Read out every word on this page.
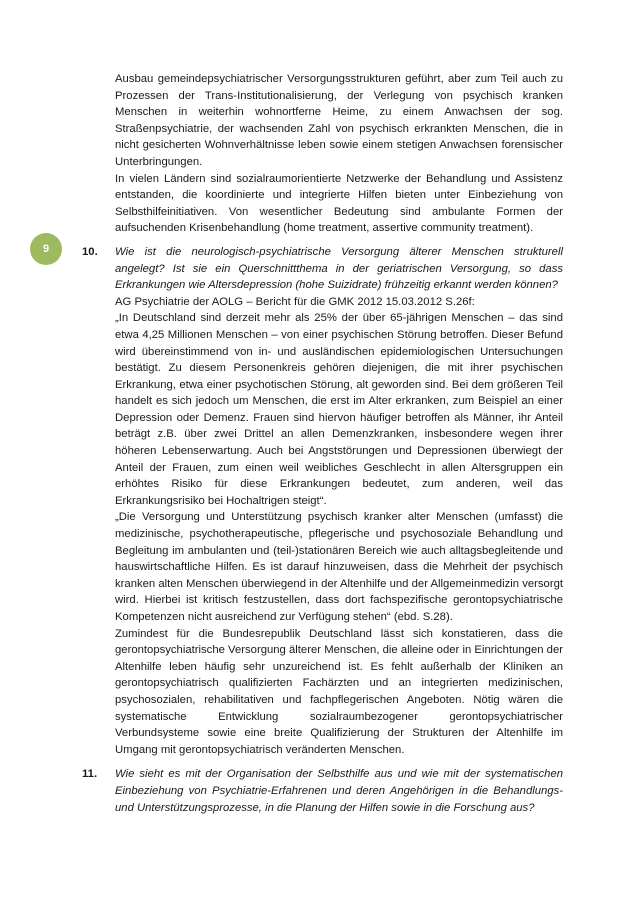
9

Ausbau gemeindepsychiatrischer Versorgungsstrukturen geführt, aber zum Teil auch zu Prozessen der Trans-Institutionalisierung, der Verlegung von psychisch kranken Menschen in weiterhin wohnortferne Heime, zu einem Anwachsen der sog. Straßenpsychiatrie, der wachsenden Zahl von psychisch erkrankten Menschen, die in nicht gesicherten Wohnverhältnisse leben sowie einem stetigen Anwachsen forensischer Unterbringungen.

In vielen Ländern sind sozialraumorientierte Netzwerke der Behandlung und Assistenz entstanden, die koordinierte und integrierte Hilfen bieten unter Einbeziehung von Selbsthilfeinitiativen. Von wesentlicher Bedeutung sind ambulante Formen der aufsuchenden Krisenbehandlung (home treatment, assertive community treatment).

10. Wie ist die neurologisch-psychiatrische Versorgung älterer Menschen strukturell angelegt? Ist sie ein Querschnittthema in der geriatrischen Versorgung, so dass Erkrankungen wie Altersdepression (hohe Suizidrate) frühzeitig erkannt werden können?

AG Psychiatrie der AOLG – Bericht für die GMK 2012 15.03.2012 S.26f:

„In Deutschland sind derzeit mehr als 25% der über 65-jährigen Menschen – das sind etwa 4,25 Millionen Menschen – von einer psychischen Störung betroffen. Dieser Befund wird übereinstimmend von in- und ausländischen epidemiologischen Untersuchungen bestätigt. Zu diesem Personenkreis gehören diejenigen, die mit ihrer psychischen Erkrankung, etwa einer psychotischen Störung, alt geworden sind. Bei dem größeren Teil handelt es sich jedoch um Menschen, die erst im Alter erkranken, zum Beispiel an einer Depression oder Demenz. Frauen sind hiervon häufiger betroffen als Männer, ihr Anteil beträgt z.B. über zwei Drittel an allen Demenzkranken, insbesondere wegen ihrer höheren Lebenserwartung. Auch bei Angststörungen und Depressionen überwiegt der Anteil der Frauen, zum einen weil weibliches Geschlecht in allen Altersgruppen ein erhöhtes Risiko für diese Erkrankungen bedeutet, zum anderen, weil das Erkrankungsrisiko bei Hochaltrigen steigt“.

„Die Versorgung und Unterstützung psychisch kranker alter Menschen (umfasst) die medizinische, psychotherapeutische, pflegerische und psychosoziale Behandlung und Begleitung im ambulanten und (teil-)stationären Bereich wie auch alltagsbegleitende und hauswirtschaftliche Hilfen. Es ist darauf hinzuweisen, dass die Mehrheit der psychisch kranken alten Menschen überwiegend in der Altenhilfe und der Allgemeinmedizin versorgt wird. Hierbei ist kritisch festzustellen, dass dort fachspezifische gerontopsychiatrische Kompetenzen nicht ausreichend zur Verfügung stehen“ (ebd. S.28).

Zumindest für die Bundesrepublik Deutschland lässt sich konstatieren, dass die gerontopsychiatrische Versorgung älterer Menschen, die alleine oder in Einrichtungen der Altenhilfe leben häufig sehr unzureichend ist. Es fehlt außerhalb der Kliniken an gerontopsychiatrisch qualifizierten Fachärzten und an integrierten medizinischen, psychosozialen, rehabilitativen und fachpflegerischen Angeboten. Nötig wären die systematische Entwicklung sozialraumbezogener gerontopsychiatrischer Verbundsysteme sowie eine breite Qualifizierung der Strukturen der Altenhilfe im Umgang mit gerontopsychiatrisch veränderten Menschen.

11. Wie sieht es mit der Organisation der Selbsthilfe aus und wie mit der systematischen Einbeziehung von Psychiatrie-Erfahrenen und deren Angehörigen in die Behandlungs- und Unterstützungsprozesse, in die Planung der Hilfen sowie in die Forschung aus?
